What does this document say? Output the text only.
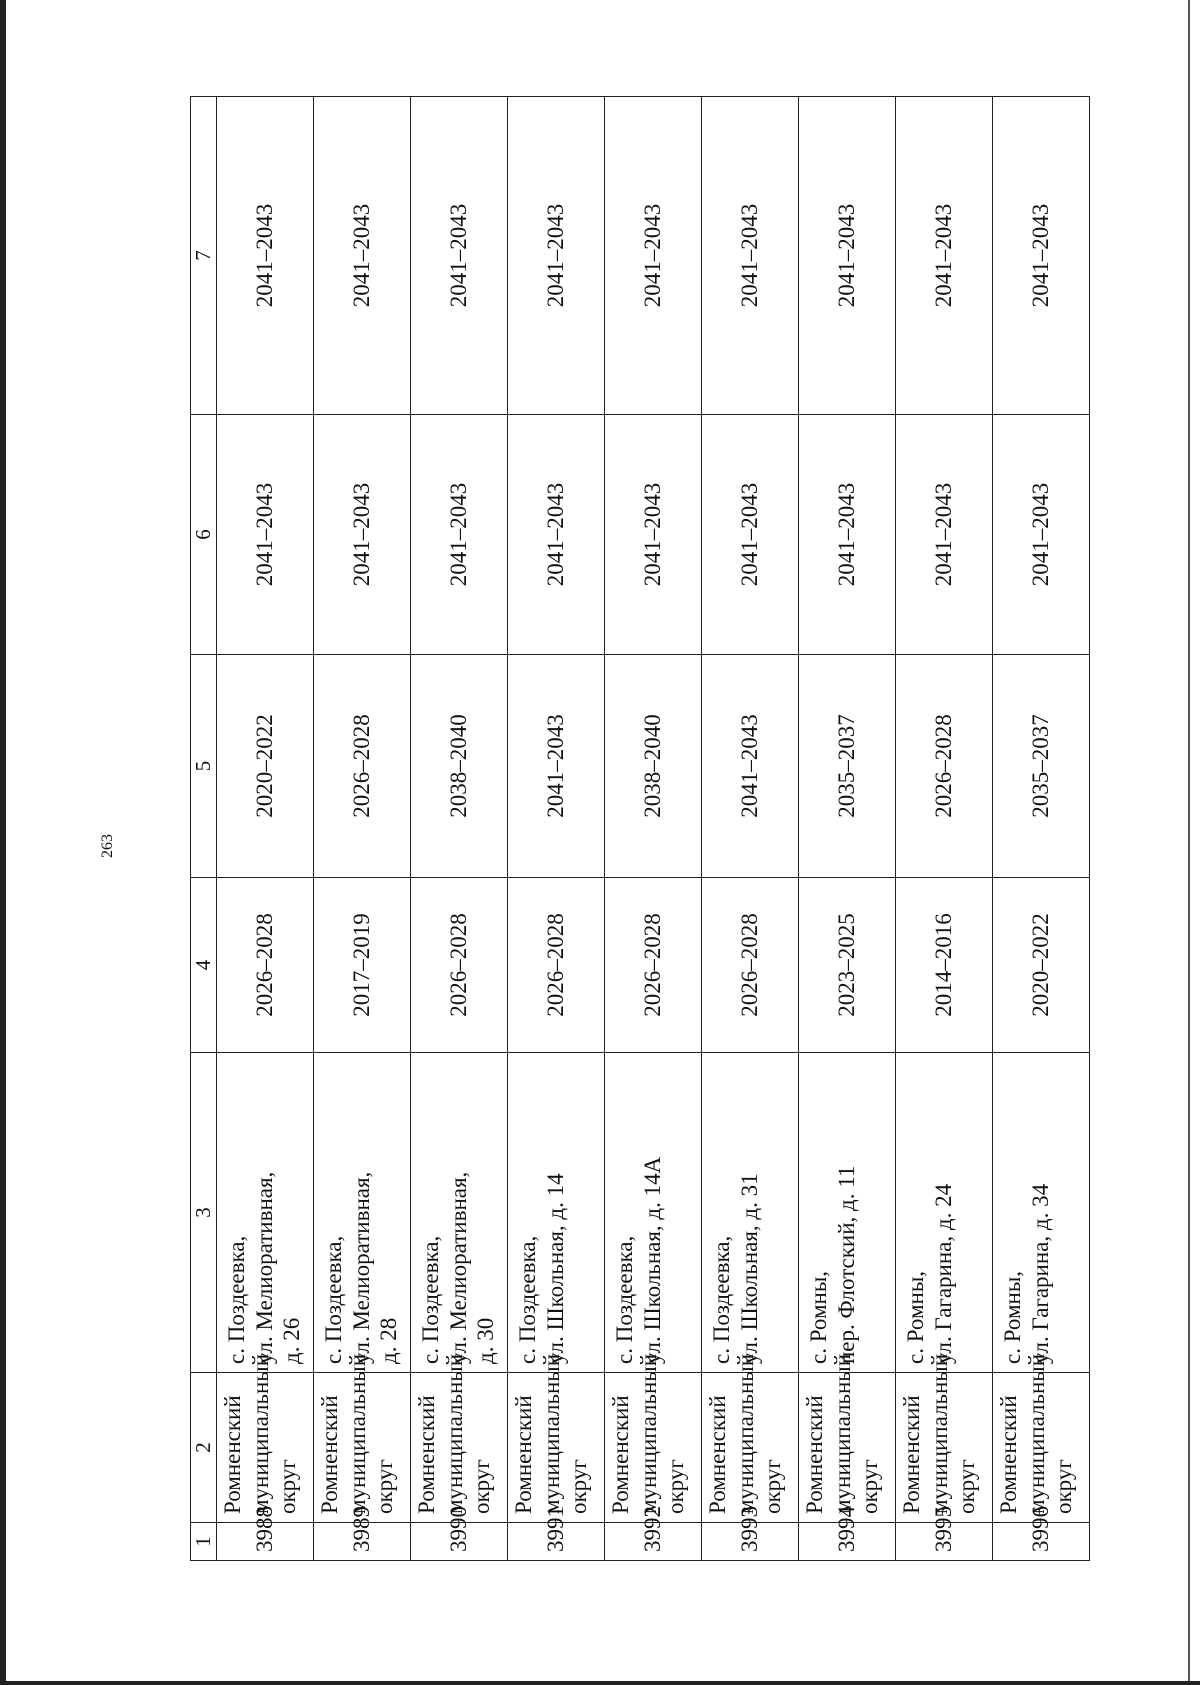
263
1	2	3	4	5	6	7
3988	Ромненский муниципальный округ	с. Поздеевка, ул. Мелиоративная, д. 26	2026–2028	2020–2022	2041–2043	2041–2043
3989	Ромненский муниципальный округ	с. Поздеевка, ул. Мелиоративная, д. 28	2017–2019	2026–2028	2041–2043	2041–2043
3990	Ромненский муниципальный округ	с. Поздеевка, ул. Мелиоративная, д. 30	2026–2028	2038–2040	2041–2043	2041–2043
3991	Ромненский муниципальный округ	с. Поздеевка, ул. Школьная, д. 14	2026–2028	2041–2043	2041–2043	2041–2043
3992	Ромненский муниципальный округ	с. Поздеевка, ул. Школьная, д. 14А	2026–2028	2038–2040	2041–2043	2041–2043
3993	Ромненский муниципальный округ	с. Поздеевка, ул. Школьная, д. 31	2026–2028	2041–2043	2041–2043	2041–2043
3994	Ромненский муниципальный округ	с. Ромны, пер. Флотский, д. 11	2023–2025	2035–2037	2041–2043	2041–2043
3995	Ромненский муниципальный округ	с. Ромны, ул. Гагарина, д. 24	2014–2016	2026–2028	2041–2043	2041–2043
3996	Ромненский муниципальный округ	с. Ромны, ул. Гагарина, д. 34	2020–2022	2035–2037	2041–2043	2041–2043
